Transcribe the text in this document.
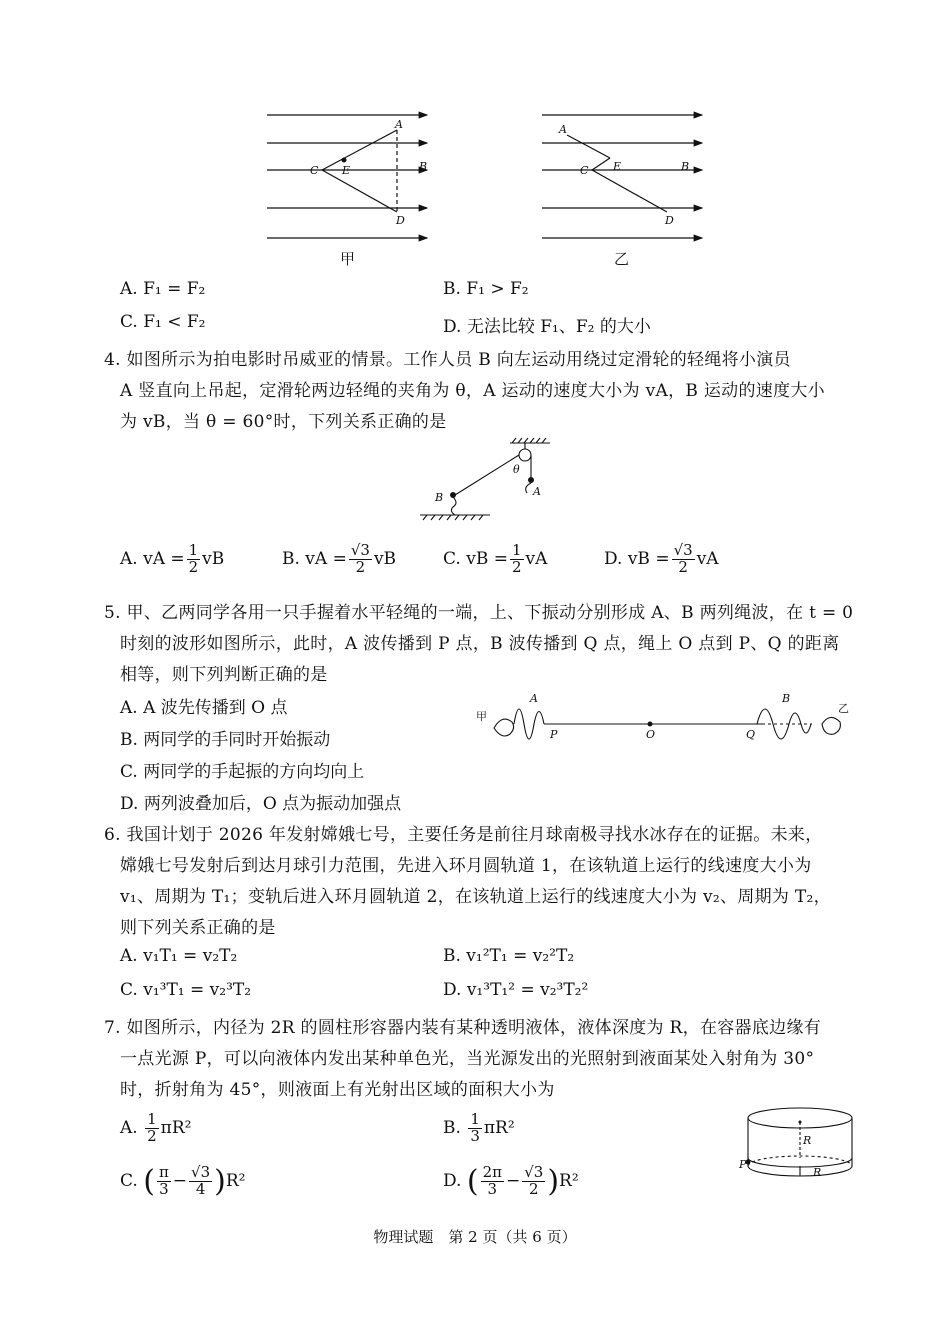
A
C E	B
D
甲
A
C E	B
D
乙
A. F₁ = F₂	B. F₁ > F₂
C. F₁ < F₂	D. 无法比较 F₁、F₂ 的大小
4. 如图所示为拍电影时吊威亚的情景。工作人员 B 向左运动用绕过定滑轮的轻绳将小演员
A 竖直向上吊起，定滑轮两边轻绳的夹角为 θ，A 运动的速度大小为 vA，B 运动的速度大小
为 vB，当 θ = 60°时，下列关系正确的是
B	A
θ
A. vA = $\frac{1}{2}$ vB	B. vA = $\frac{√3}{2}$ vB	C. vB = $\frac{1}{2}$ vA	D. vB = $\frac{√3}{2}$ vA
5. 甲、乙两同学各用一只手握着水平轻绳的一端，上、下振动分别形成 A、B 两列绳波，在 t = 0
时刻的波形如图所示，此时，A 波传播到 P 点，B 波传播到 Q 点，绳上 O 点到 P、Q 的距离
相等，则下列判断正确的是
A. A 波先传播到 O 点
B. 两同学的手同时开始振动
C. 两同学的手起振的方向均向上
D. 两列波叠加后，O 点为振动加强点
甲
乙
A	B
P	O	Q
6. 我国计划于 2026 年发射嫦娥七号，主要任务是前往月球南极寻找水冰存在的证据。未来，
嫦娥七号发射后到达月球引力范围，先进入环月圆轨道 1，在该轨道上运行的线速度大小为
v₁、周期为 T₁；变轨后进入环月圆轨道 2，在该轨道上运行的线速度大小为 v₂、周期为 T₂，
则下列关系正确的是
A. v₁T₁ = v₂T₂	B. v₁²T₁ = v₂²T₂
C. v₁³T₁ = v₂³T₂	D. v₁³T₁² = v₂³T₂²
7. 如图所示，内径为 2R 的圆柱形容器内装有某种透明液体，液体深度为 R，在容器底边缘有
一点光源 P，可以向液体内发出某种单色光，当光源发出的光照射到液面某处入射角为 30°
时，折射角为 45°，则液面上有光射出区域的面积大小为
A. $\frac{1}{2} \pi R^2$	B. $\frac{1}{3} \pi R^2$
C. ( $\frac{\pi}{3} - \frac{√3}{4} )R^2$	D. ( $\frac{2\pi}{3} - \frac{√3}{2} )R^2$
P
R
R
物理试题　第 2 页（共 6 页）
